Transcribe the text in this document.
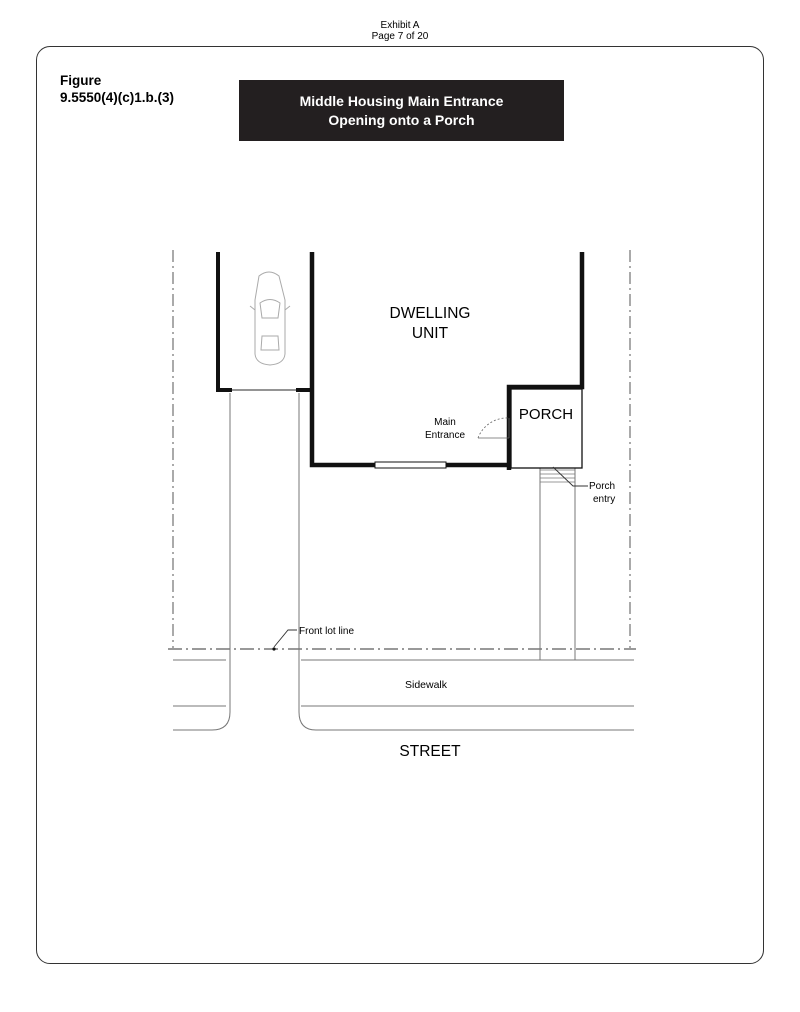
Exhibit A
Page 7 of 20
Figure
9.5550(4)(c)1.b.(3)	Middle Housing Main Entrance
Opening onto a Porch
DWELLING
UNIT
PORCH
Main
Entrance
Porch
entry
Front lot line
Sidewalk
STREET
